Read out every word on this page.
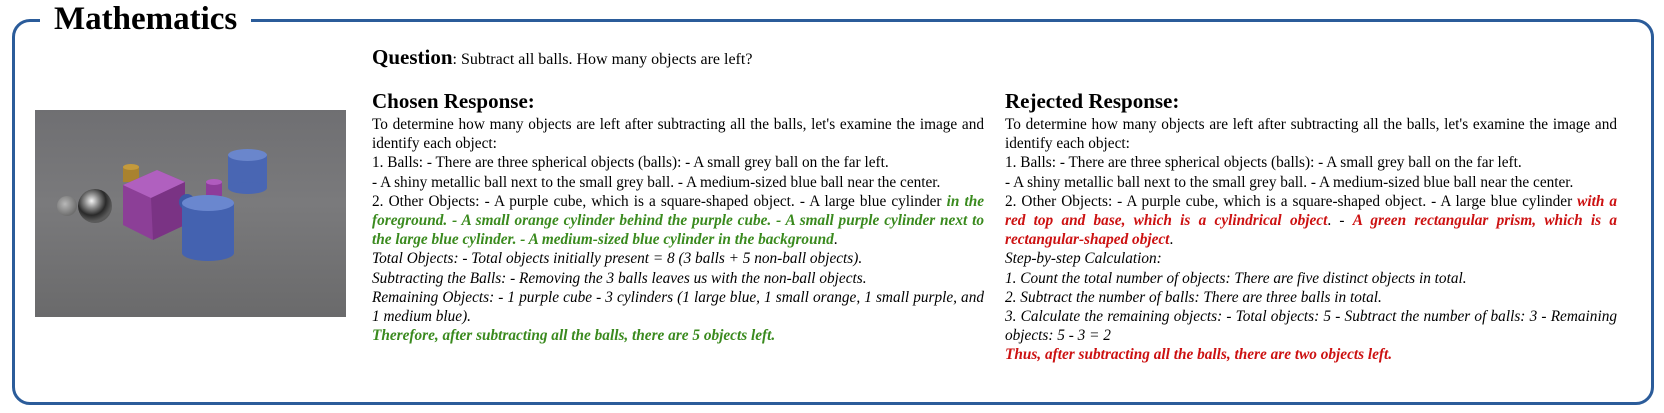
Mathematics
Question: Subtract all balls. How many objects are left?
Chosen Response:

To determine how many objects are left after subtracting all the balls, let's examine the image and identify each object:

1. Balls: - There are three spherical objects (balls): - A small grey ball on the far left.

- A shiny metallic ball next to the small grey ball. - A medium-sized blue ball near the center.

2. Other Objects: - A purple cube, which is a square-shaped object. - A large blue cylinder in the foreground. - A small orange cylinder behind the purple cube. - A small purple cylinder next to the large blue cylinder. - A medium-sized blue cylinder in the background.

Total Objects: - Total objects initially present = 8 (3 balls + 5 non-ball objects).

Subtracting the Balls: - Removing the 3 balls leaves us with the non-ball objects.

Remaining Objects: - 1 purple cube - 3 cylinders (1 large blue, 1 small orange, 1 small purple, and 1 medium blue).

Therefore, after subtracting all the balls, there are 5 objects left.

Rejected Response:

To determine how many objects are left after subtracting all the balls, let's examine the image and identify each object:

1. Balls: - There are three spherical objects (balls): - A small grey ball on the far left.

- A shiny metallic ball next to the small grey ball. - A medium-sized blue ball near the center.

2. Other Objects: - A purple cube, which is a square-shaped object. - A large blue cylinder with a red top and base, which is a cylindrical object. - A green rectangular prism, which is a rectangular-shaped object.

Step-by-step Calculation:

1. Count the total number of objects: There are five distinct objects in total.

2. Subtract the number of balls: There are three balls in total.

3. Calculate the remaining objects: - Total objects: 5 - Subtract the number of balls: 3 - Remaining objects: 5 - 3 = 2

Thus, after subtracting all the balls, there are two objects left.
